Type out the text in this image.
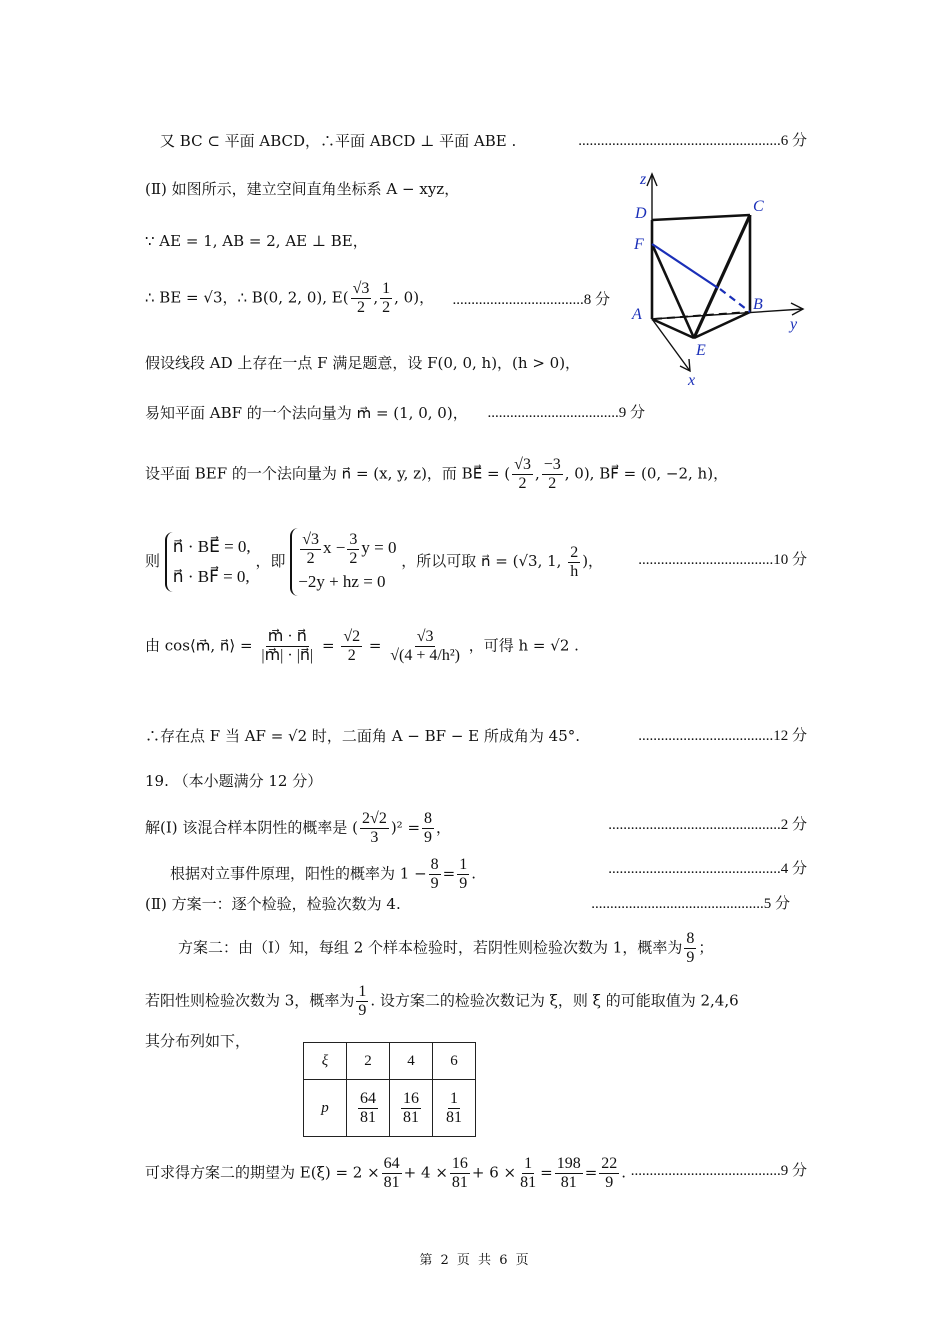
又 BC ⊂ 平面 ABCD，∴平面 ABCD ⊥ 平面 ABE .	......................................................6 分
(Ⅱ) 如图所示，建立空间直角坐标系 A − xyz，
∵ AE = 1, AB = 2, AE ⊥ BE，
∴ BE = √3，∴ B(0, 2, 0), $E( \frac{√3}{2}$ , $\frac{1}{2}$ , 0)， ...................................8 分
假设线段 AD 上存在一点 F 满足题意，设 F(0, 0, h)，(h > 0)，
易知平面 ABF 的一个法向量为 m⃗ = (1, 0, 0)， ...................................9 分
设平面 BEF 的一个法向量为 n⃗ = (x, y, z)，而 BE⃗ = ( $\frac{√3}{2}$ , $\frac{-3}{2}$ , 0), BF⃗ = (0, −2, h)，
则
n⃗ · BE⃗ = 0,
n⃗ · BF⃗ = 0,
，即 $\frac{√3}{2}$ $x - \frac{3}{2}$ y = 0
−2y + hz = 0
，所以可取 n⃗ = (√3, 1, $\frac{2}{h}$ )， ....................................10 分
由 cos⟨m⃗, n⃗⟩ = $\frac{m⃗ \cdot n⃗}{|m⃗| \cdot |n⃗|} = \frac{√2}{2} = \frac{√3}{\text{√(4 + 4/h²)}}$ ，可得 h = √2 .
∴存在点 F 当 AF = √2 时，二面角 A − BF − E 所成角为 45°.	....................................12 分
19. （本小题满分 12 分）
解(Ⅰ) 该混合样本阴性的概率是 ( $\frac{2√2}{3} )^2 = \frac{8}{9}$ ，	..............................................2 分
根据对立事件原理，阳性的概率为 $1 - \frac{8}{9} = \frac{1}{9}$ .	..............................................4 分
(Ⅱ) 方案一：逐个检验，检验次数为 4.	..............................................5 分
方案二：由（Ⅰ）知，每组 2 个样本检验时，若阴性则检验次数为 1，概率为 $\frac{8}{9}$ ；
若阳性则检验次数为 3，概率为 $\frac{1}{9}$ . 设方案二的检验次数记为 ξ，则 ξ 的可能取值为 2,4,6
其分布列如下，
ξ	2	4	6
p	$\frac{64}{81}$	$\frac{16}{81}$	$\frac{1}{81}$
可求得方案二的期望为 $E(\xi) = 2 \times \frac{64}{81} + 4 \times \frac{16}{81} + 6 \times \frac{1}{81} = \frac{198}{81} = \frac{22}{9}$ . ........................................9 分
z
D	C
F
A
B
y
E
x
第 2 页 共 6 页
